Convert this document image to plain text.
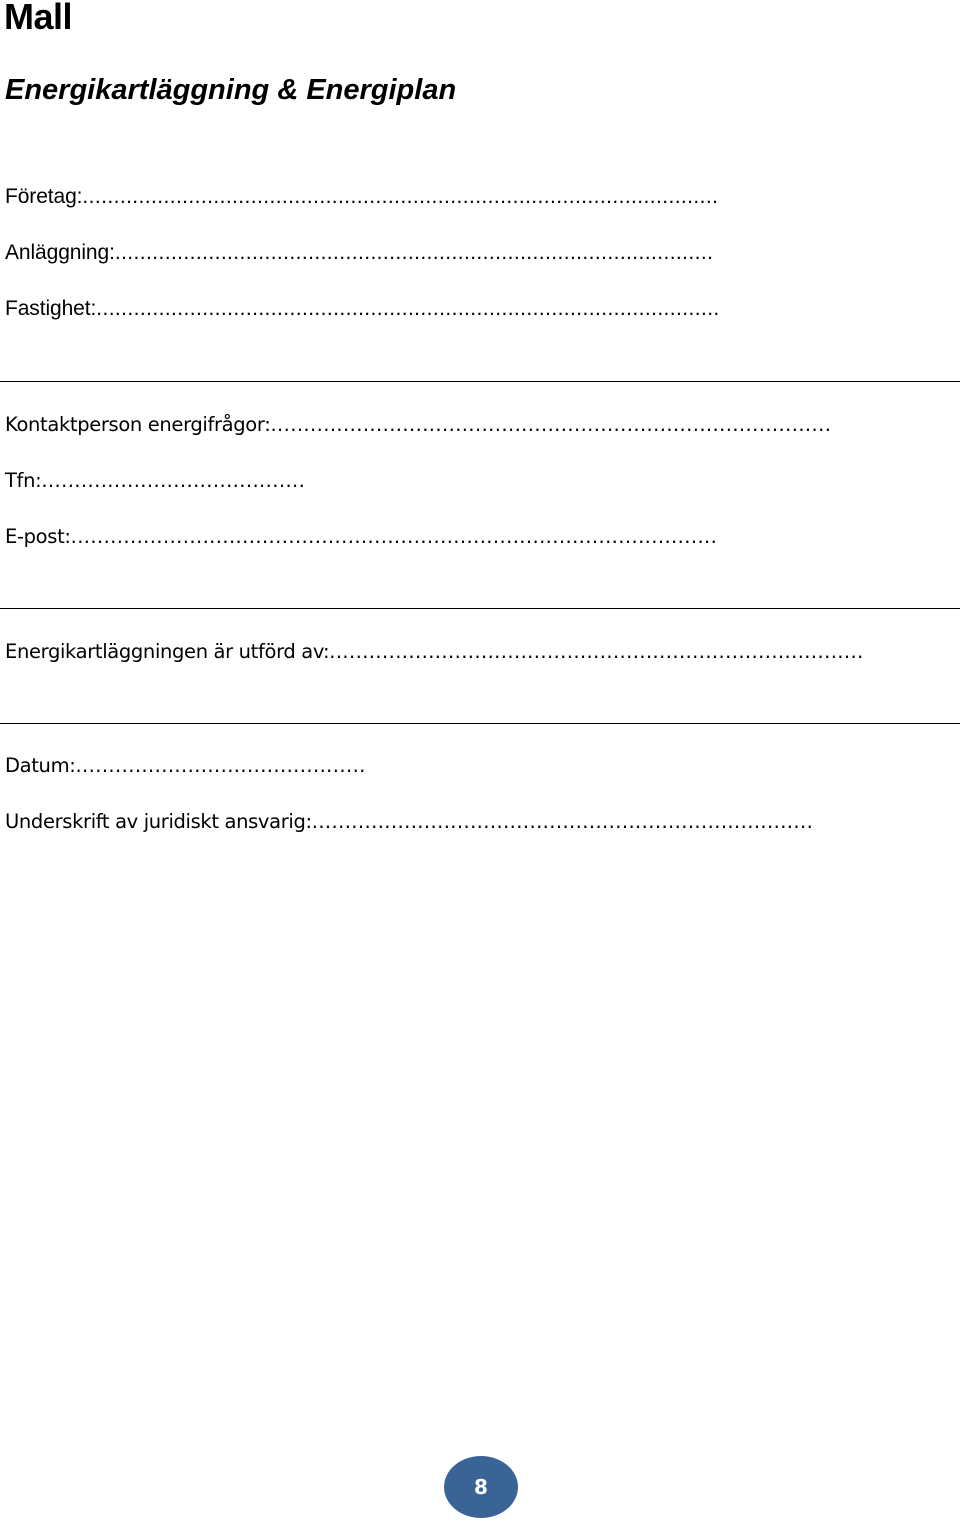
Mall
Energikartläggning & Energiplan

Företag:......................................................................................................

Anläggning:................................................................................................

Fastighet:....................................................................................................

Kontaktperson energifrågor:.....................................................................................

Tfn:........................................

E-post:..................................................................................................

Energikartläggningen är utförd av:.................................................................................

Datum:............................................

Underskrift av juridiskt ansvarig:............................................................................

8
